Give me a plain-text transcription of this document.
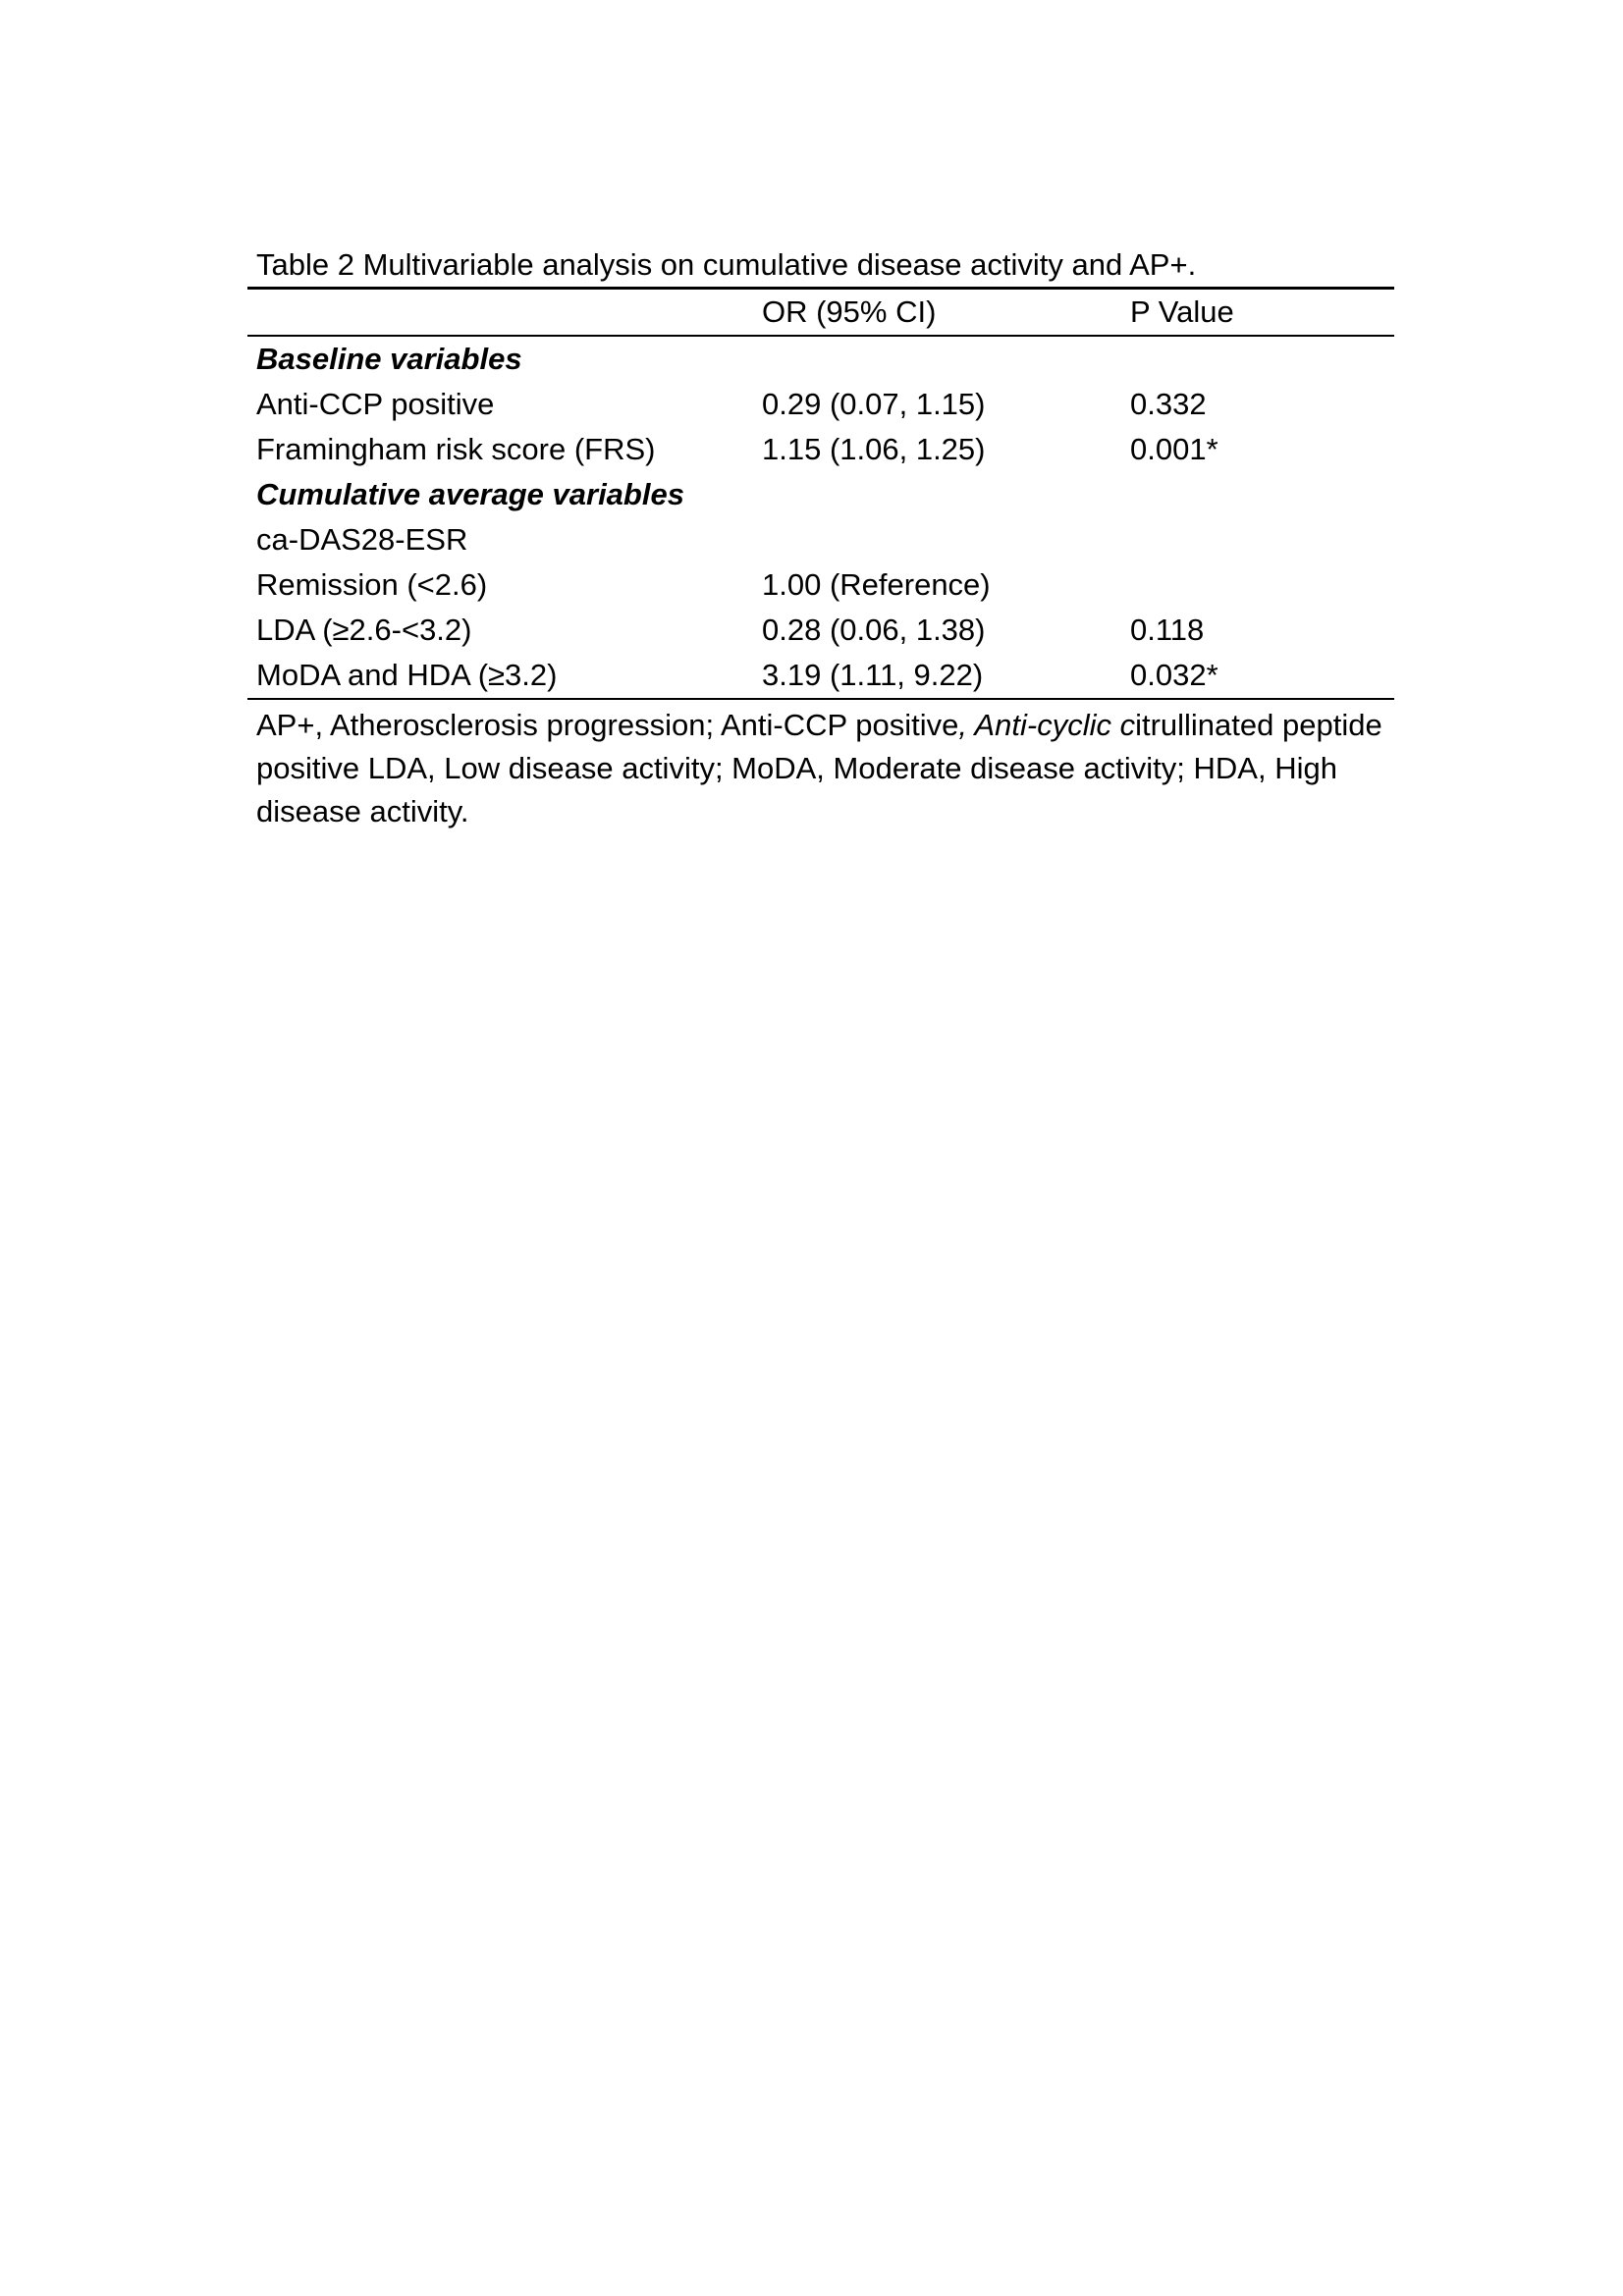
Table 2 Multivariable analysis on cumulative disease activity and AP+.
	OR (95% CI)	P Value
Baseline variables		
Anti-CCP positive	0.29 (0.07, 1.15)	0.332
Framingham risk score (FRS)	1.15 (1.06, 1.25)	0.001*
Cumulative average variables		
ca-DAS28-ESR		
Remission (<2.6)	1.00 (Reference)	
LDA (≥2.6-<3.2)	0.28 (0.06, 1.38)	0.118
MoDA and HDA (≥3.2)	3.19 (1.11, 9.22)	0.032*
AP+, Atherosclerosis progression; Anti-CCP positive, Anti-cyclic citrullinated peptide positive LDA, Low disease activity; MoDA, Moderate disease activity; HDA, High disease activity.
